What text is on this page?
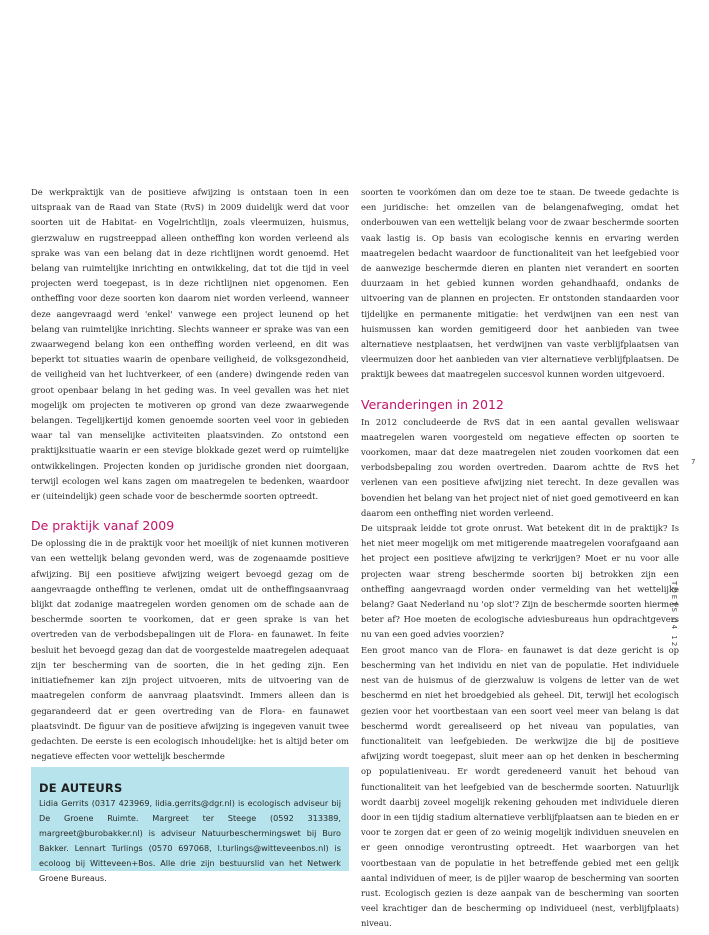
De werkpraktijk van de positieve afwijzing is ontstaan toen in een uitspraak van de Raad van State (RvS) in 2009 duidelijk werd dat voor soorten uit de Habitat- en Vogelrichtlijn, zoals vleermuizen, huismus, gierzwaluw en rugstreeppad alleen ontheffing kon worden verleend als sprake was van een belang dat in deze richtlijnen wordt genoemd. Het belang van ruimtelijke inrichting en ontwikkeling, dat tot die tijd in veel projecten werd toegepast, is in deze richtlijnen niet opgenomen. Een ontheffing voor deze soorten kon daarom niet worden verleend, wanneer deze aangevraagd werd 'enkel' vanwege een project leunend op het belang van ruimtelijke inrichting. Slechts wanneer er sprake was van een zwaarwegend belang kon een ontheffing worden verleend, en dit was beperkt tot situaties waarin de openbare veiligheid, de volksgezondheid, de veiligheid van het luchtverkeer, of een (andere) dwingende reden van groot openbaar belang in het geding was. In veel gevallen was het niet mogelijk om projecten te motiveren op grond van deze zwaarwegende belangen. Tegelijkertijd komen genoemde soorten veel voor in gebieden waar tal van menselijke activiteiten plaatsvinden. Zo ontstond een praktijksituatie waarin er een stevige blokkade gezet werd op ruimtelijke ontwikkelingen. Projecten konden op juridische gronden niet doorgaan, terwijl ecologen wel kans zagen om maatregelen te bedenken, waardoor er (uiteindelijk) geen schade voor de beschermde soorten optreedt.

De praktijk vanaf 2009

De oplossing die in de praktijk voor het moeilijk of niet kunnen motiveren van een wettelijk belang gevonden werd, was de zogenaamde positieve afwijzing. Bij een positieve afwijzing weigert bevoegd gezag om de aangevraagde ontheffing te verlenen, omdat uit de ontheffingsaanvraag blijkt dat zodanige maatregelen worden genomen om de schade aan de beschermde soorten te voorkomen, dat er geen sprake is van het overtreden van de verbodsbepalingen uit de Flora- en faunawet. In feite besluit het bevoegd gezag dan dat de voorgestelde maatregelen adequaat zijn ter bescherming van de soorten, die in het geding zijn. Een initiatiefnemer kan zijn project uitvoeren, mits de uitvoering van de maatregelen conform de aanvraag plaatsvindt. Immers alleen dan is gegarandeerd dat er geen overtreding van de Flora- en faunawet plaatsvindt. De figuur van de positieve afwijzing is ingegeven vanuit twee gedachten. De eerste is een ecologisch inhoudelijke: het is altijd beter om negatieve effecten voor wettelijk beschermde

DE AUTEURS

Lidia Gerrits (0317 423969, lidia.gerrits@dgr.nl) is ecologisch adviseur bij De Groene Ruimte. Margreet ter Steege (0592 313389, margreet@burobakker.nl) is adviseur Natuurbeschermingswet bij Buro Bakker. Lennart Turlings (0570 697068, l.turlings@witteveenbos.nl) is ecoloog bij Witteveen+Bos. Alle drie zijn bestuurslid van het Netwerk Groene Bureaus.

soorten te voorkómen dan om deze toe te staan. De tweede gedachte is een juridische: het omzeilen van de belangenafweging, omdat het onderbouwen van een wettelijk belang voor de zwaar beschermde soorten vaak lastig is. Op basis van ecologische kennis en ervaring werden maatregelen bedacht waardoor de functionaliteit van het leefgebied voor de aanwezige beschermde dieren en planten niet verandert en soorten duurzaam in het gebied kunnen worden gehandhaafd, ondanks de uitvoering van de plannen en projecten. Er ontstonden standaarden voor tijdelijke en permanente mitigatie: het verdwijnen van een nest van huismussen kan worden gemitigeerd door het aanbieden van twee alternatieve nestplaatsen, het verdwijnen van vaste verblijfplaatsen van vleermuizen door het aanbieden van vier alternatieve verblijfplaatsen. De praktijk bewees dat maatregelen succesvol kunnen worden uitgevoerd.

Veranderingen in 2012

In 2012 concludeerde de RvS dat in een aantal gevallen weliswaar maatregelen waren voorgesteld om negatieve effecten op soorten te voorkomen, maar dat deze maatregelen niet zouden voorkomen dat een verbodsbepaling zou worden overtreden. Daarom achtte de RvS het verlenen van een positieve afwijzing niet terecht. In deze gevallen was bovendien het belang van het project niet of niet goed gemotiveerd en kan daarom een ontheffing niet worden verleend.

De uitspraak leidde tot grote onrust. Wat betekent dit in de praktijk? Is het niet meer mogelijk om met mitigerende maatregelen voorafgaand aan het project een positieve afwijzing te verkrijgen? Moet er nu voor alle projecten waar streng beschermde soorten bij betrokken zijn een ontheffing aangevraagd worden onder vermelding van het wettelijke belang? Gaat Nederland nu 'op slot'? Zijn de beschermde soorten hiermee beter af? Hoe moeten de ecologische adviesbureaus hun opdrachtgevers nu van een goed advies voorzien?

Een groot manco van de Flora- en faunawet is dat deze gericht is op bescherming van het individu en niet van de populatie. Het individuele nest van de huismus of de gierzwaluw is volgens de letter van de wet beschermd en niet het broedgebied als geheel. Dit, terwijl het ecologisch gezien voor het voortbestaan van een soort veel meer van belang is dat beschermd wordt gerealiseerd op het niveau van populaties, van functionaliteit van leefgebieden. De werkwijze die bij de positieve afwijzing wordt toegepast, sluit meer aan op het denken in bescherming op populatieniveau. Er wordt geredeneerd vanuit het behoud van functionaliteit van het leefgebied van de beschermde soorten. Natuurlijk wordt daarbij zoveel mogelijk rekening gehouden met individuele dieren door in een tijdig stadium alternatieve verblijfplaatsen aan te bieden en er voor te zorgen dat er geen of zo weinig mogelijk individuen sneuvelen en er geen onnodige verontrusting optreedt. Het waarborgen van het voortbestaan van de populatie in het betreffende gebied met een gelijk aantal individuen of meer, is de pijler waarop de bescherming van soorten rust. Ecologisch gezien is deze aanpak van de bescherming van soorten veel krachtiger dan de bescherming op individueel (nest, verblijfplaats) niveau.

7
TOETS 04 12
